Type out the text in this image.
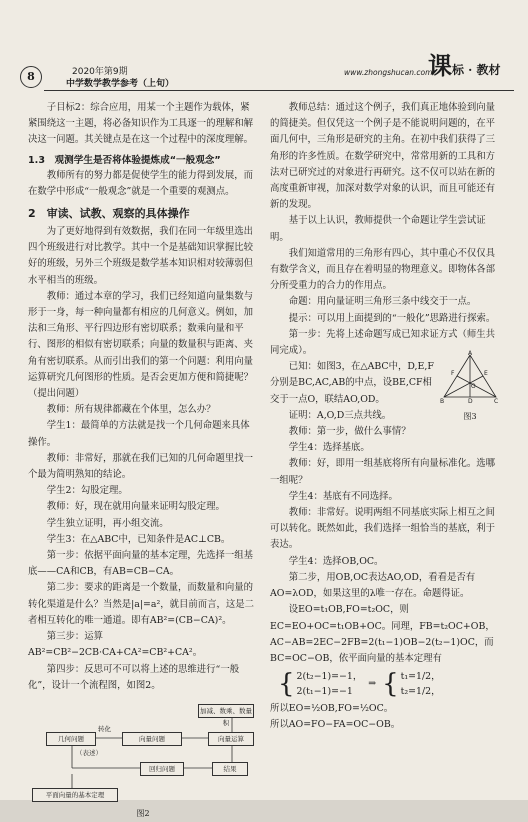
8	2020年第9期
中学数学教学参考（上旬）
www.zhongshucan.com
课标 · 教材

子目标2：综合应用，用某一个主题作为载体，紧紧围绕这一主题，将必备知识作为工具逐一的理解和解决这一问题。其关键点是在这一个过程中的深度理解。

1.3　观测学生是否将体验提炼成“一般观念”

教师所有的努力都是促使学生的能力得到发展，而在数学中形成“一般观念”就是一个重要的观测点。

2　审读、试教、观察的具体操作

为了更好地得到有效数据，我们在同一年级里选出四个班级进行对比教学。其中一个是基础知识掌握比较好的班级，另外三个班级是数学基本知识相对较薄弱但水平相当的班级。

教师：通过本章的学习，我们已经知道向量集数与形于一身，每一种向量都有相应的几何意义。例如，加法和三角形、平行四边形有密切联系；数乘向量和平行、图形的相似有密切联系；向量的数量积与距离、夹角有密切联系。从而引出我们的第一个问题：利用向量运算研究几何图形的性质。是否会更加方便和简捷呢？（提出问题）

教师：所有规律都藏在个体里，怎么办？

学生1：最简单的方法就是找一个几何命题来具体操作。

教师：非常好，那就在我们已知的几何命题里找一个最为简明熟知的结论。

学生2：勾股定理。

教师：好，现在就用向量来证明勾股定理。

学生独立证明，再小组交流。

学生3：在△ABC中，已知条件是AC⊥CB。

第一步：依据平面向量的基本定理，先选择一组基底——CA和CB，有AB=CB−CA。

第二步：要求的距离是一个数量，而数量和向量的转化渠道是什么？当然是|a|=a²，就目前而言，这是二者相互转化的唯一通道。即有AB²=(CB−CA)²。

第三步：运算AB²=CB²−2CB·CA+CA²=CB²+CA²。

第四步：反思可不可以将上述的思维进行“一般化”，设计一个流程图，如图2。

加减、数乘、数量积
转化
向量问题	向量运算
几何问题
（表述）
回归问题	结果
平面向量的基本定理
图2

教师总结：通过这个例子，我们真正地体验到向量的简捷美。但仅凭这一个例子是不能说明问题的，在平面几何中，三角形是研究的主角。在初中我们获得了三角形的许多性质。在数学研究中，常常用新的工具和方法对已研究过的对象进行再研究。这不仅可以站在新的高度重新审视，加深对数学对象的认识，而且可能还有新的发现。

基于以上认识，教师提供一个命题让学生尝试证明。

我们知道常用的三角形有四心，其中重心不仅仅具有数学含义，而且存在着明显的物理意义。即物体各部分所受重力的合力的作用点。

命题：用向量证明三角形三条中线交于一点。

提示：可以用上面提到的“一般化”思路进行探索。

第一步：先将上述命题写成已知求证方式（师生共同完成）。

已知：如图3，在△ABC中，D,E,F分别是BC,AC,AB的中点，设BE,CF相交于一点O，联结AO,OD。

A
B	C
D
E
F
O
图3

证明：A,O,D三点共线。

教师：第一步，做什么事情？

学生4：选择基底。

教师：好，即用一组基底将所有向量标准化。选哪一组呢？

学生4：基底有不同选择。

教师：非常好。说明两组不同基底实际上相互之间可以转化。既然如此，我们选择一组恰当的基底，利于表达。

学生4：选择OB,OC。

第二步，用OB,OC表达AO,OD，看看是否有AO=λOD，如果这里的λ唯一存在。命题得证。

设EO=t₁OB,FO=t₂OC，则EC=EO+OC=t₁OB+OC。同理，FB=t₂OC+OB，AC−AB=2EC−2FB=2(t₁−1)OB−2(t₂−1)OC，而BC=OC−OB，依平面向量的基本定理有

{ 2(t₂−1)=−1，
2(t₁−1)=−1
⇒ { t₁=1/2，
t₂=1/2，

所以EO=½OB,FO=½OC。

所以AO=FO−FA=OC−OB。
